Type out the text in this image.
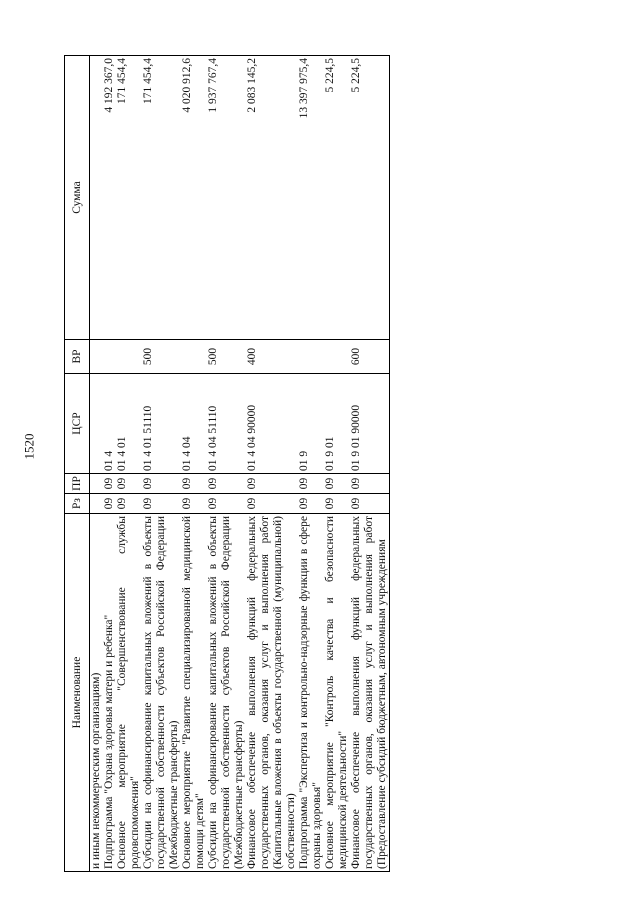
1520
Наименование	Рз	ПР	ЦСР	ВР	Сумма
и иным некоммерческим организациям)					
Подпрограмма "Охрана здоровья матери и ребенка"	09	09	01 4		4 192 367,0
Основное мероприятие "Совершенствование службы родовспоможения"	09	09	01 4 01		171 454,4
Субсидии на софинансирование капитальных вложений в объекты государственной собственности субъектов Российской Федерации (Межбюджетные трансферты)	09	09	01 4 01 51110	500	171 454,4
Основное мероприятие "Развитие специализированной медицинской помощи детям"	09	09	01 4 04		4 020 912,6
Субсидии на софинансирование капитальных вложений в объекты государственной собственности субъектов Российской Федерации (Межбюджетные трансферты)	09	09	01 4 04 51110	500	1 937 767,4
Финансовое обеспечение выполнения функций федеральных государственных органов, оказания услуг и выполнения работ (Капитальные вложения в объекты государственной (муниципальной) собственности)	09	09	01 4 04 90000	400	2 083 145,2
Подпрограмма "Экспертиза и контрольно-надзорные функции в сфере охраны здоровья"	09	09	01 9		13 397 975,4
Основное мероприятие "Контроль качества и безопасности медицинской деятельности"	09	09	01 9 01		5 224,5
Финансовое обеспечение выполнения функций федеральных государственных органов, оказания услуг и выполнения работ (Предоставление субсидий бюджетным, автономным учреждениям	09	09	01 9 01 90000	600	5 224,5
